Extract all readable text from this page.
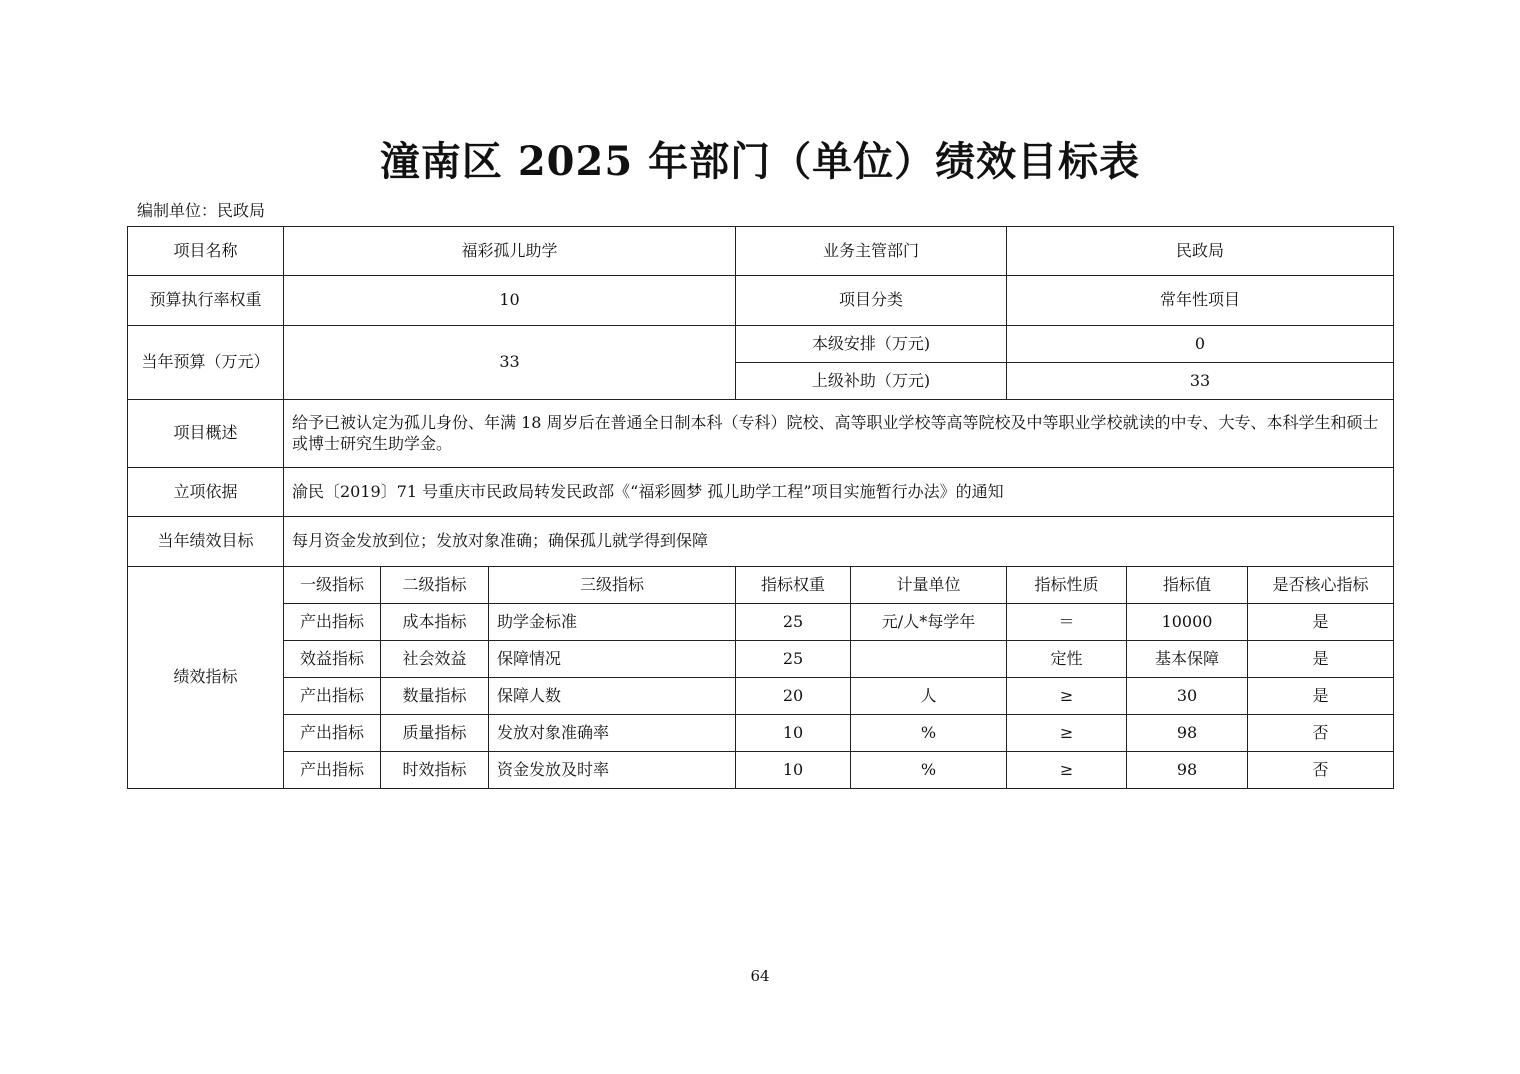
潼南区 2025 年部门（单位）绩效目标表
编制单位：民政局
项目名称	福彩孤儿助学			业务主管部门		民政局		
预算执行率权重	10			项目分类		常年性项目		
当年预算（万元）	33			本级安排（万元)		0		
				上级补助（万元)		33		
项目概述	给予已被认定为孤儿身份、年满 18 周岁后在普通全日制本科（专科）院校、高等职业学校等高等院校及中等职业学校就读的中专、大专、本科学生和硕士或博士研究生助学金。							
立项依据	渝民〔2019〕71 号重庆市民政局转发民政部《“福彩圆梦 孤儿助学工程”项目实施暂行办法》的通知							
当年绩效目标	每月资金发放到位；发放对象准确；确保孤儿就学得到保障							
绩效指标	一级指标	二级指标	三级指标	指标权重	计量单位	指标性质	指标值	是否核心指标
	产出指标	成本指标	助学金标准	25	元/人*每学年	＝	10000	是
	效益指标	社会效益	保障情况	25		定性	基本保障	是
	产出指标	数量指标	保障人数	20	人	≥	30	是
	产出指标	质量指标	发放对象准确率	10	%	≥	98	否
	产出指标	时效指标	资金发放及时率	10	%	≥	98	否
64
